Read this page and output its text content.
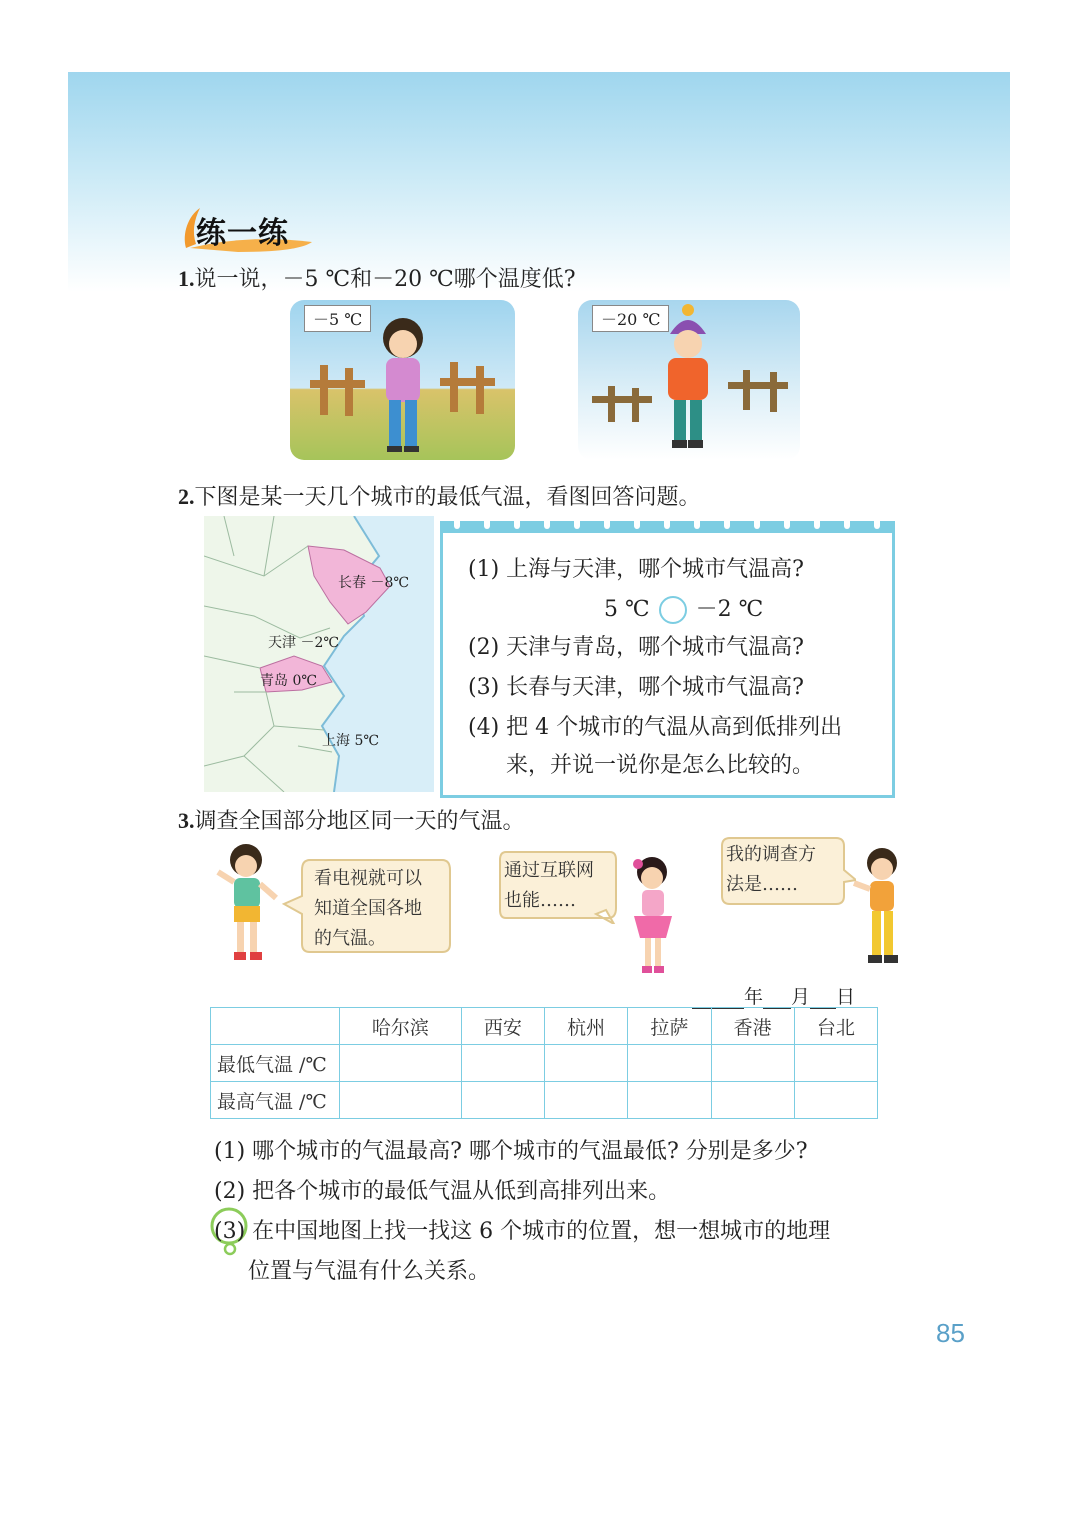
练一练
1.说一说，－5 ℃和－20 ℃哪个温度低?
－5 ℃	－20 ℃
2.下图是某一天几个城市的最低气温，看图回答问题。
长春 －8℃
天津 －2℃
青岛 0℃
上海 5℃
(1) 上海与天津，哪个城市气温高?
5 ℃ －2 ℃
(2) 天津与青岛，哪个城市气温高?
(3) 长春与天津，哪个城市气温高?
(4) 把 4 个城市的气温从高到低排列出
来，并说一说你是怎么比较的。
3.调查全国部分地区同一天的气温。
看电视就可以
知道全国各地
的气温。
通过互联网
也能……
我的调查方
法是……
年 月 日
	哈尔滨	西安	杭州	拉萨	香港	台北
最低气温 /℃						
最高气温 /℃						
(1) 哪个城市的气温最高? 哪个城市的气温最低? 分别是多少?
(2) 把各个城市的最低气温从低到高排列出来。
(3) 在中国地图上找一找这 6 个城市的位置，想一想城市的地理
位置与气温有什么关系。
85
